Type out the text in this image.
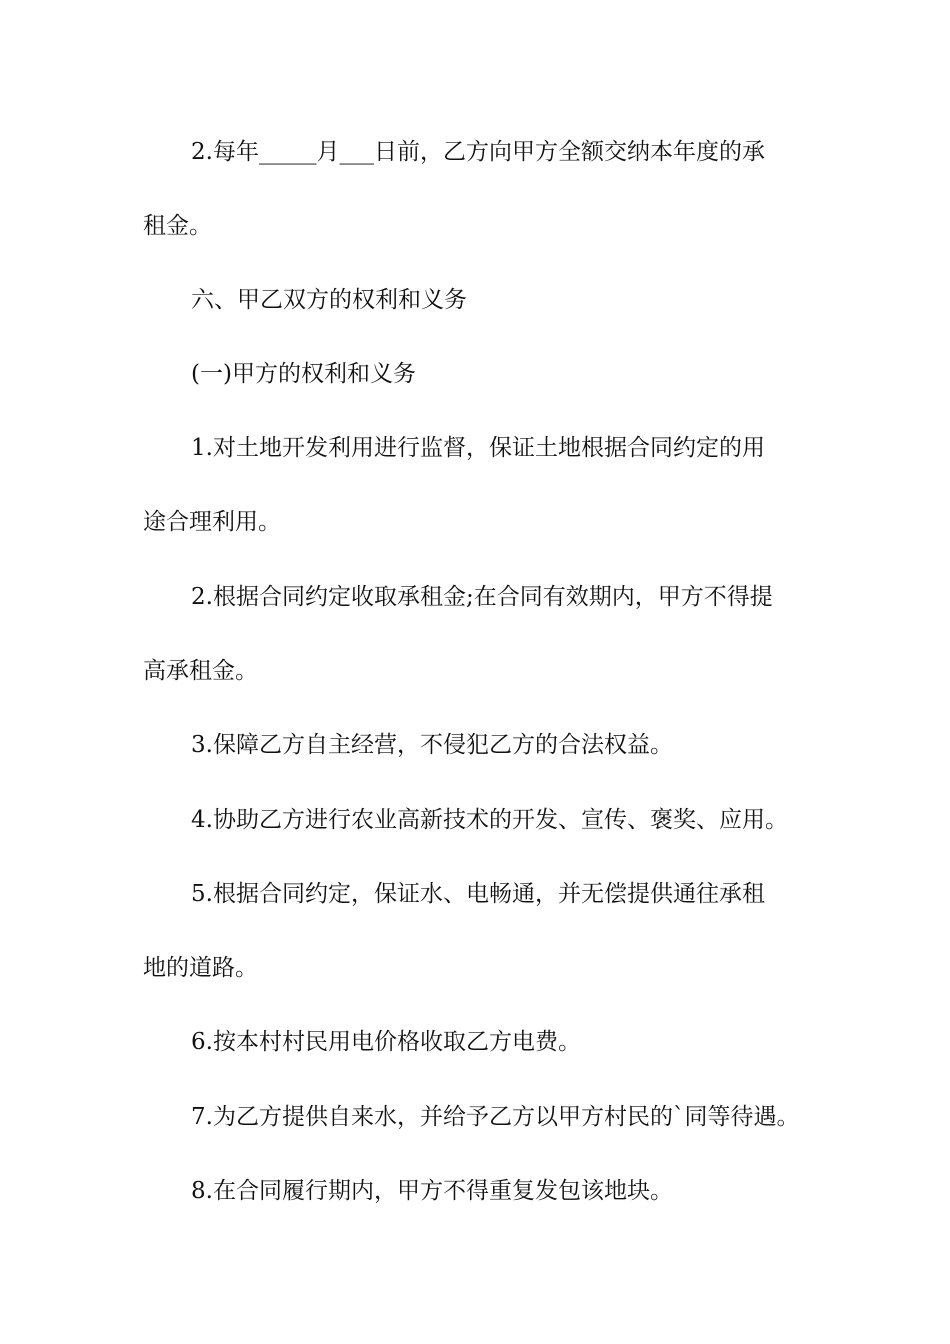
2.每年_____月___日前，乙方向甲方全额交纳本年度的承
租金。
六、甲乙双方的权利和义务
(一)甲方的权利和义务
1.对土地开发利用进行监督，保证土地根据合同约定的用
途合理利用。
2.根据合同约定收取承租金;在合同有效期内，甲方不得提
高承租金。
3.保障乙方自主经营，不侵犯乙方的合法权益。
4.协助乙方进行农业高新技术的开发、宣传、褒奖、应用。
5.根据合同约定，保证水、电畅通，并无偿提供通往承租
地的道路。
6.按本村村民用电价格收取乙方电费。
7.为乙方提供自来水，并给予乙方以甲方村民的`同等待遇。
8.在合同履行期内，甲方不得重复发包该地块。
